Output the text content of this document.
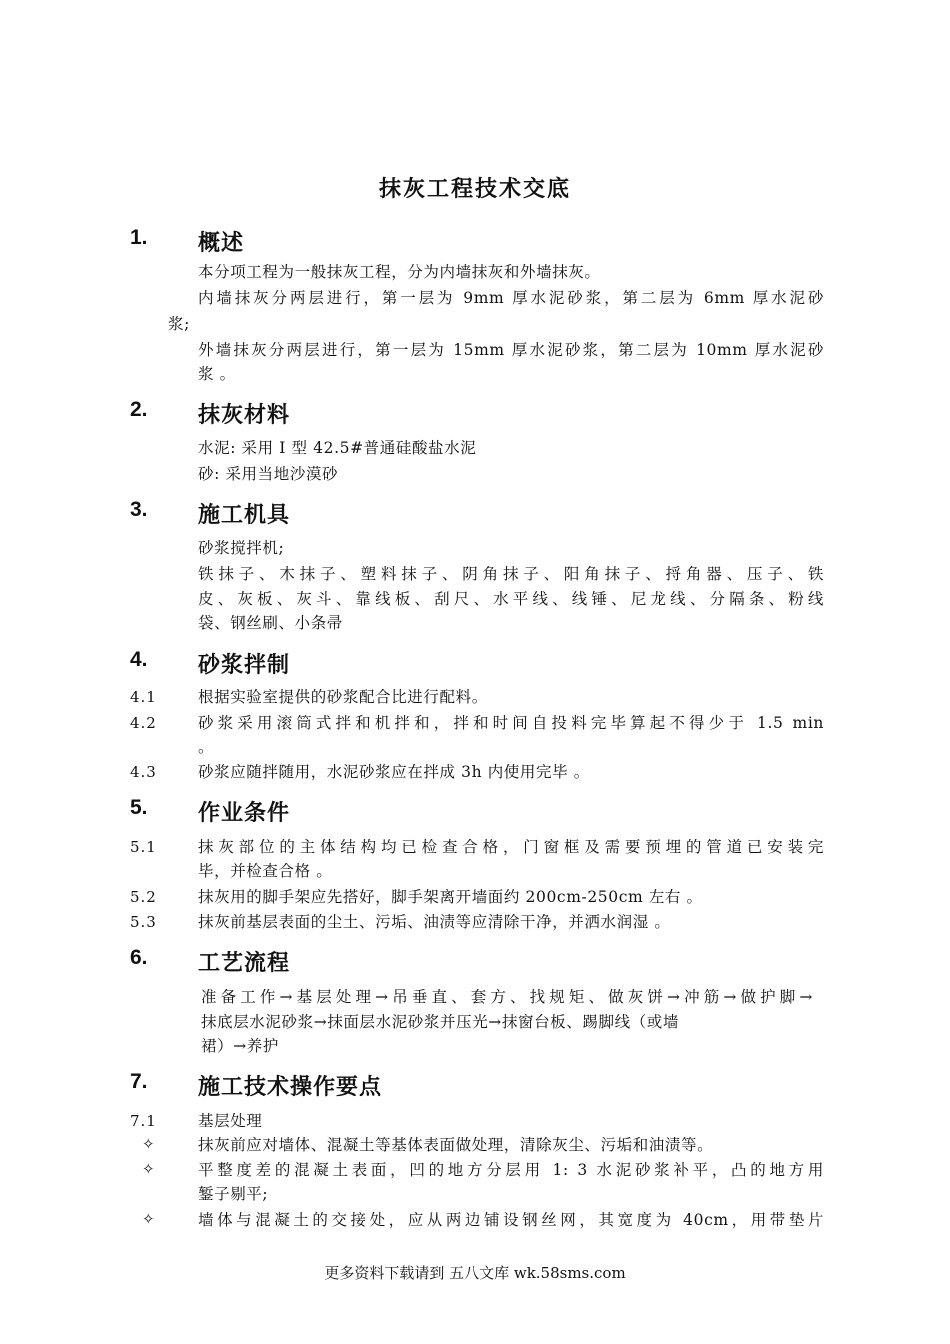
抹灰工程技术交底
1. 概述
本分项工程为一般抹灰工程，分为内墙抹灰和外墙抹灰。
内墙抹灰分两层进行，第一层为 9mm 厚水泥砂浆，第二层为 6mm 厚水泥砂
浆;
外墙抹灰分两层进行，第一层为 15mm 厚水泥砂浆，第二层为 10mm 厚水泥砂
浆 。
2. 抹灰材料
水泥: 采用 I 型 42.5#普通硅酸盐水泥
砂: 采用当地沙漠砂
3. 施工机具
砂浆搅拌机;
铁抹子、木抹子、塑料抹子、阴角抹子、阳角抹子、捋角器、压子、铁
皮、灰板、灰斗、靠线板、刮尺、水平线、线锤、尼龙线、分隔条、粉线
袋、钢丝刷、小条帚
4. 砂浆拌制
4.1	根据实验室提供的砂浆配合比进行配料。
4.2	砂浆采用滚筒式拌和机拌和，拌和时间自投料完毕算起不得少于 1.5 min
。
4.3	砂浆应随拌随用，水泥砂浆应在拌成 3h 内使用完毕 。
5. 作业条件
5.1	抹灰部位的主体结构均已检查合格，门窗框及需要预埋的管道已安装完
毕，并检查合格 。
5.2	抹灰用的脚手架应先搭好，脚手架离开墙面约 200cm-250cm 左右 。
5.3	抹灰前基层表面的尘土、污垢、油渍等应清除干净，并洒水润湿 。
6. 工艺流程
准备工作→基层处理→吊垂直、套方、找规矩、做灰饼→冲筋→做护脚→
抹底层水泥砂浆→抹面层水泥砂浆并压光→抹窗台板、踢脚线（或墙
裙）→养护
7. 施工技术操作要点
7.1	基层处理
✧	抹灰前应对墙体、混凝土等基体表面做处理，清除灰尘、污垢和油渍等。
✧	平整度差的混凝土表面，凹的地方分层用 1: 3 水泥砂浆补平，凸的地方用
錾子剔平;
✧	墙体与混凝土的交接处，应从两边铺设钢丝网，其宽度为 40cm，用带垫片
更多资料下载请到 五八文库 wk.58sms.com
